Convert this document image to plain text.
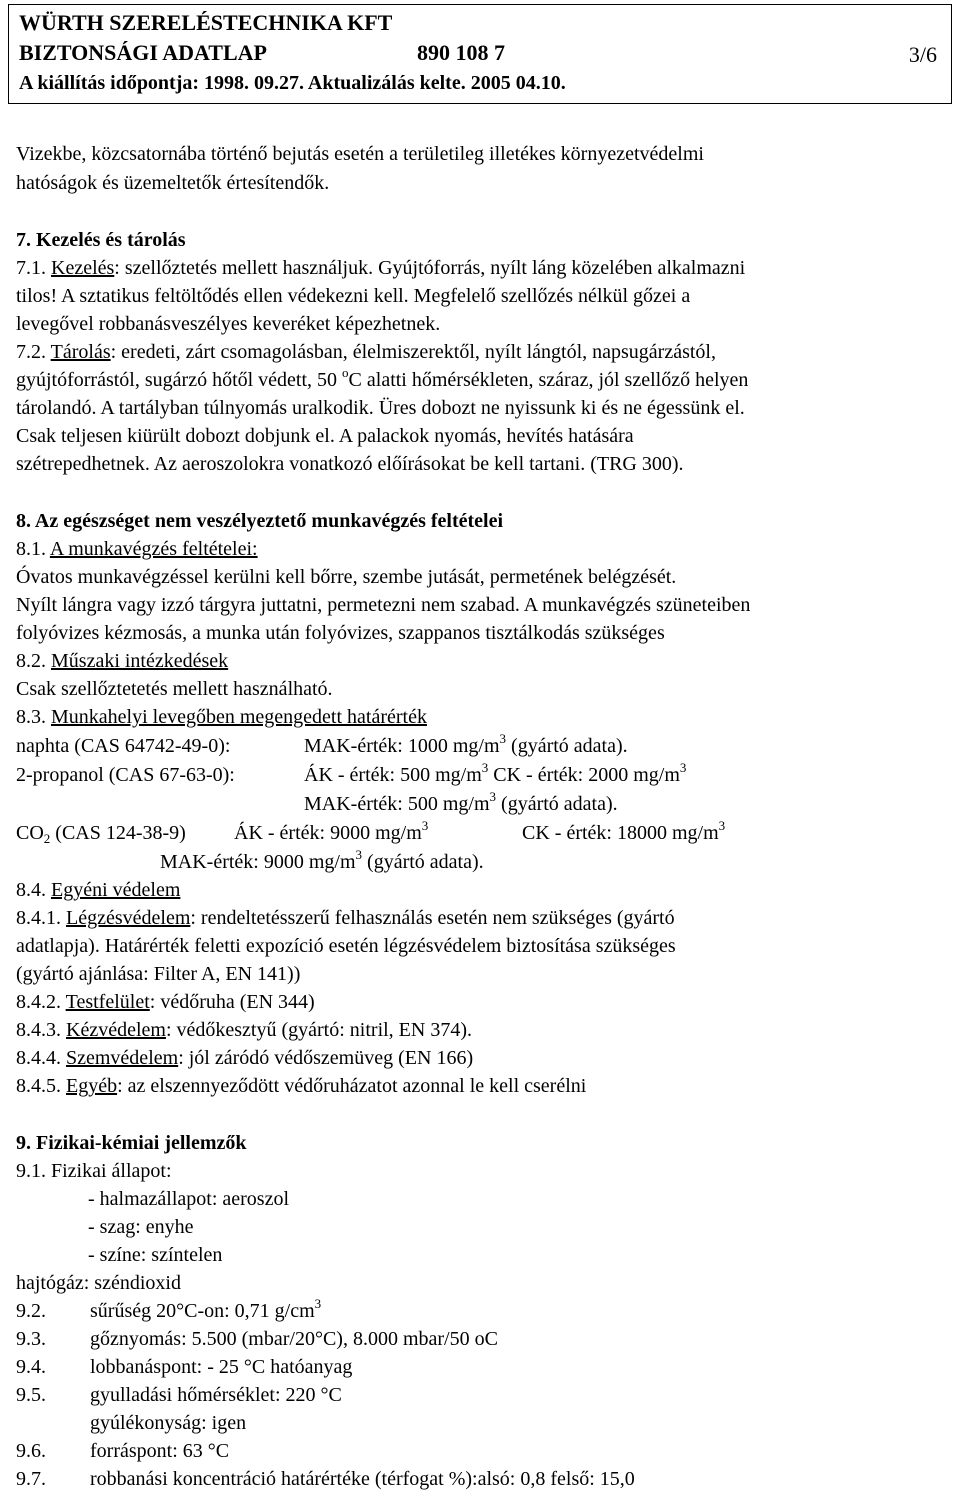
WÜRTH SZERELÉSTECHNIKA KFT
BIZTONSÁGI ADATLAP	890 108 7	3/6
A kiállítás időpontja: 1998. 09.27. Aktualizálás kelte. 2005 04.10.
Vizekbe, közcsatornába történő bejutás esetén a területileg illetékes környezetvédelmi
hatóságok és üzemeltetők értesítendők.
7. Kezelés és tárolás
7.1. Kezelés: szellőztetés mellett használjuk. Gyújtóforrás, nyílt láng közelében alkalmazni
tilos! A sztatikus feltöltődés ellen védekezni kell. Megfelelő szellőzés nélkül gőzei a
levegővel robbanásveszélyes keveréket képezhetnek.
7.2. Tárolás: eredeti, zárt csomagolásban, élelmiszerektől, nyílt lángtól, napsugárzástól,
gyújtóforrástól, sugárzó hőtől védett, 50 $^o$C alatti hőmérsékleten, száraz, jól szellőző helyen
tárolandó. A tartályban túlnyomás uralkodik. Üres dobozt ne nyissunk ki és ne égessünk el.
Csak teljesen kiürült dobozt dobjunk el. A palackok nyomás, hevítés hatására
szétrepedhetnek. Az aeroszolokra vonatkozó előírásokat be kell tartani. (TRG 300).
8. Az egészséget nem veszélyeztető munkavégzés feltételei
8.1. A munkavégzés feltételei:
Óvatos munkavégzéssel kerülni kell bőrre, szembe jutását, permetének belégzését.
Nyílt lángra vagy izzó tárgyra juttatni, permetezni nem szabad. A munkavégzés szüneteiben
folyóvizes kézmosás, a munka után folyóvizes, szappanos tisztálkodás szükséges
8.2. Műszaki intézkedések
Csak szellőztetetés mellett használható.
8.3. Munkahelyi levegőben megengedett határérték
naphta (CAS 64742-49-0):	MAK-érték: 1000 $mg/m^3$ (gyártó adata).
2-propanol (CAS 67-63-0):	ÁK - érték: 500 $mg/m^3$ CK - érték: 2000 $mg/m^3$
MAK-érték: 500 $mg/m^3$ (gyártó adata).
$CO_2$ (CAS 124-38-9) ÁK - érték: 9000 $mg/m^3$	CK - érték: 18000 $mg/m^3$
MAK-érték: 9000 $mg/m^3$ (gyártó adata).
8.4. Egyéni védelem
8.4.1. Légzésvédelem: rendeltetésszerű felhasználás esetén nem szükséges (gyártó
adatlapja). Határérték feletti expozíció esetén légzésvédelem biztosítása szükséges
(gyártó ajánlása: Filter A, EN 141))
8.4.2. Testfelület: védőruha (EN 344)
8.4.3. Kézvédelem: védőkesztyű (gyártó: nitril, EN 374).
8.4.4. Szemvédelem: jól záródó védőszemüveg (EN 166)
8.4.5. Egyéb: az elszennyeződött védőruházatot azonnal le kell cserélni
9. Fizikai-kémiai jellemzők
9.1. Fizikai állapot:
- halmazállapot: aeroszol
- szag: enyhe
- színe: színtelen
hajtógáz: széndioxid
9.2. sűrűség 20°C-on: 0,71 $g/cm^3$
9.3. gőznyomás: 5.500 (mbar/20°C), 8.000 mbar/50 oC
9.4. lobbanáspont: - 25 °C hatóanyag
9.5. gyulladási hőmérséklet: 220 °C
gyúlékonyság: igen
9.6. forráspont: 63 °C
9.7. robbanási koncentráció határértéke (térfogat %):alsó: 0,8 felső: 15,0
